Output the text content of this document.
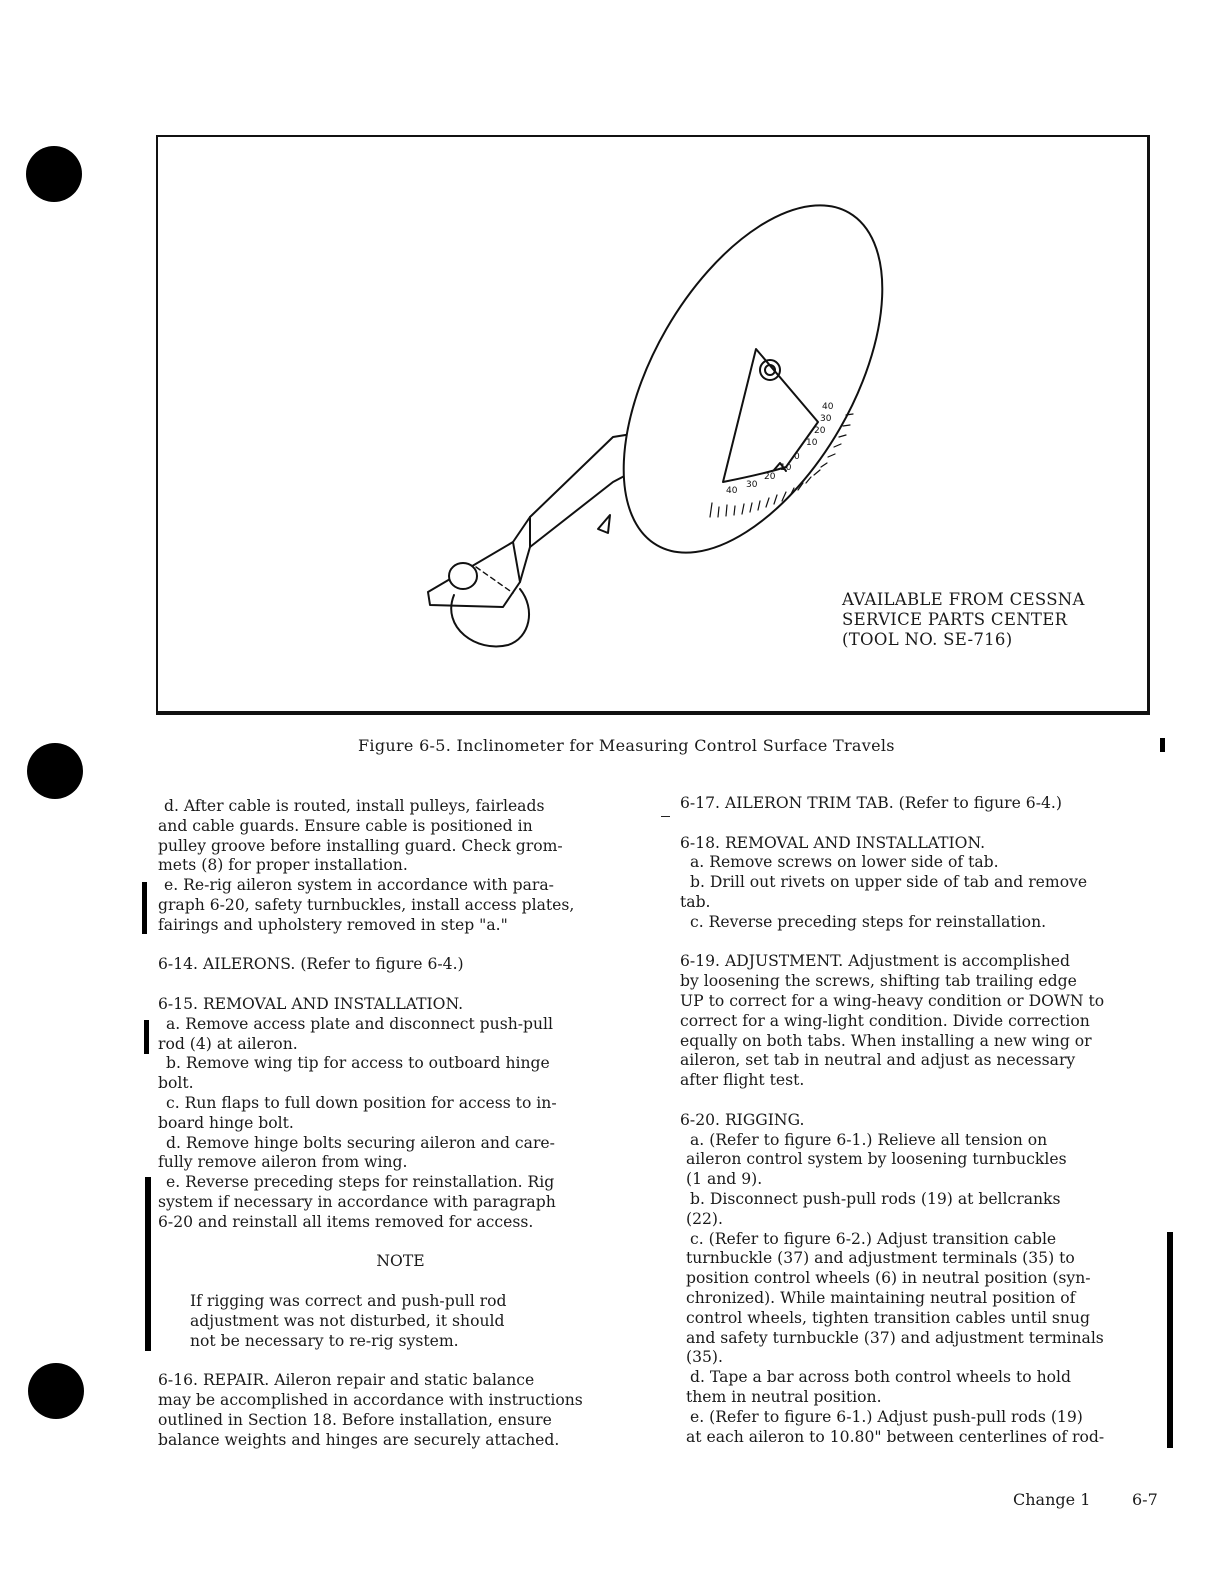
40
30
20
10
0
10
20
30
40
AVAILABLE FROM CESSNA
SERVICE PARTS CENTER
(TOOL NO. SE-716)
Figure 6-5. Inclinometer for Measuring Control Surface Travels

d. After cable is routed, install pulleys, fairleads

and cable guards. Ensure cable is positioned in

pulley groove before installing guard. Check grom-

mets (8) for proper installation.

e. Re-rig aileron system in accordance with para-

graph 6-20, safety turnbuckles, install access plates,

fairings and upholstery removed in step "a."

6-14. AILERONS. (Refer to figure 6-4.)

6-15. REMOVAL AND INSTALLATION.

a. Remove access plate and disconnect push-pull

rod (4) at aileron.

b. Remove wing tip for access to outboard hinge

bolt.

c. Run flaps to full down position for access to in-

board hinge bolt.

d. Remove hinge bolts securing aileron and care-

fully remove aileron from wing.

e. Reverse preceding steps for reinstallation. Rig

system if necessary in accordance with paragraph

6-20 and reinstall all items removed for access.

NOTE

If rigging was correct and push-pull rod

adjustment was not disturbed, it should

not be necessary to re-rig system.

6-16. REPAIR. Aileron repair and static balance

may be accomplished in accordance with instructions

outlined in Section 18. Before installation, ensure

balance weights and hinges are securely attached.

6-17. AILERON TRIM TAB. (Refer to figure 6-4.)

6-18. REMOVAL AND INSTALLATION.

a. Remove screws on lower side of tab.

b. Drill out rivets on upper side of tab and remove

tab.

c. Reverse preceding steps for reinstallation.

6-19. ADJUSTMENT. Adjustment is accomplished

by loosening the screws, shifting tab trailing edge

UP to correct for a wing-heavy condition or DOWN to

correct for a wing-light condition. Divide correction

equally on both tabs. When installing a new wing or

aileron, set tab in neutral and adjust as necessary

after flight test.

6-20. RIGGING.

a. (Refer to figure 6-1.) Relieve all tension on

aileron control system by loosening turnbuckles

(1 and 9).

b. Disconnect push-pull rods (19) at bellcranks

(22).

c. (Refer to figure 6-2.) Adjust transition cable

turnbuckle (37) and adjustment terminals (35) to

position control wheels (6) in neutral position (syn-

chronized). While maintaining neutral position of

control wheels, tighten transition cables until snug

and safety turnbuckle (37) and adjustment terminals

(35).

d. Tape a bar across both control wheels to hold

them in neutral position.

e. (Refer to figure 6-1.) Adjust push-pull rods (19)

at each aileron to 10.80" between centerlines of rod-

Change 1	6-7
